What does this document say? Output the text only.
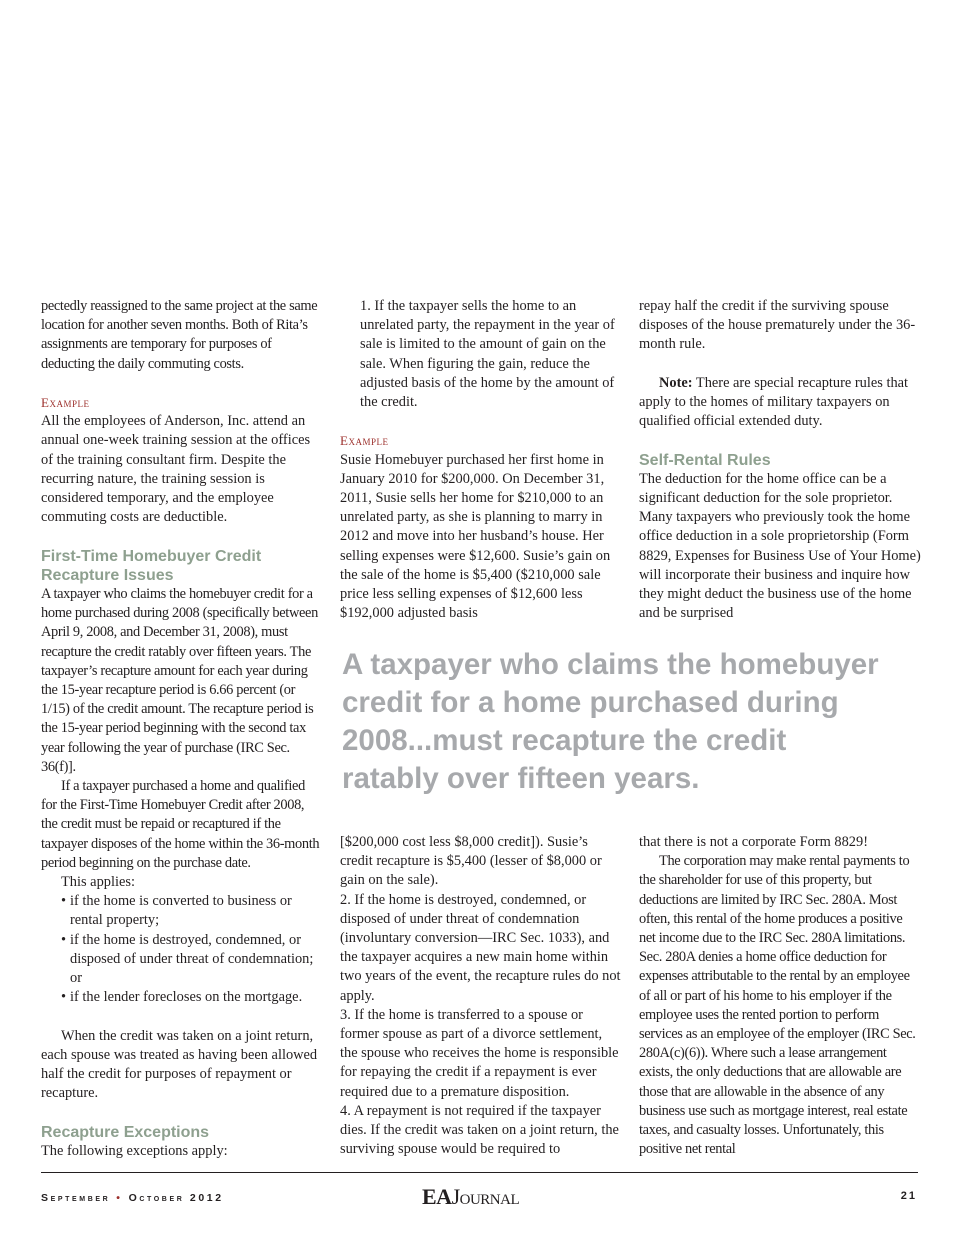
pectedly reassigned to the same project at the same location for another seven months. Both of Rita’s assignments are temporary for purposes of deducting the daily commuting costs.

Example

All the employees of Anderson, Inc. attend an annual one-week training session at the offices of the training consultant firm. Despite the recurring nature, the training session is considered temporary, and the employee commuting costs are deductible.

First-Time Homebuyer Credit Recapture Issues

A taxpayer who claims the homebuyer credit for a home purchased during 2008 (specifically between April 9, 2008, and December 31, 2008), must recapture the credit ratably over fifteen years. The taxpayer’s recapture amount for each year during the 15-year recapture period is 6.66 percent (or 1/15) of the credit amount. The recapture period is the 15-year period beginning with the second tax year following the year of purchase (IRC Sec. 36(f)].

If a taxpayer purchased a home and qualified for the First-Time Homebuyer Credit after 2008, the credit must be repaid or recaptured if the taxpayer disposes of the home within the 36-month period beginning on the purchase date.

This applies:

• if the home is converted to business or rental property;
• if the home is destroyed, condemned, or disposed of under threat of condemnation; or
• if the lender forecloses on the mortgage.

When the credit was taken on a joint return, each spouse was treated as having been allowed half the credit for purposes of repayment or recapture.

Recapture Exceptions

The following exceptions apply:

1. If the taxpayer sells the home to an unrelated party, the repayment in the year of sale is limited to the amount of gain on the sale. When figuring the gain, reduce the adjusted basis of the home by the amount of the credit.

Example

Susie Homebuyer purchased her first home in January 2010 for $200,000. On December 31, 2011, Susie sells her home for $210,000 to an unrelated party, as she is planning to marry in 2012 and move into her husband’s house. Her selling expenses were $12,600. Susie’s gain on the sale of the home is $5,400 ($210,000 sale price less selling expenses of $12,600 less $192,000 adjusted basis

repay half the credit if the surviving spouse disposes of the house prematurely under the 36-month rule.

Note: There are special recapture rules that apply to the homes of military taxpayers on qualified official extended duty.

Self-Rental Rules

The deduction for the home office can be a significant deduction for the sole proprietor. Many taxpayers who previously took the home office deduction in a sole proprietorship (Form 8829, Expenses for Business Use of Your Home) will incorporate their business and inquire how they might deduct the business use of the home and be surprised

A taxpayer who claims the homebuyer
credit for a home purchased during
2008...must recapture the credit
ratably over fifteen years.

[$200,000 cost less $8,000 credit]). Susie’s credit recapture is $5,400 (lesser of $8,000 or gain on the sale).

2. If the home is destroyed, condemned, or disposed of under threat of condemnation (involuntary conversion—IRC Sec. 1033), and the taxpayer acquires a new main home within two years of the event, the recapture rules do not apply.

3. If the home is transferred to a spouse or former spouse as part of a divorce settlement, the spouse who receives the home is responsible for repaying the credit if a repayment is ever required due to a premature disposition.

4. A repayment is not required if the taxpayer dies. If the credit was taken on a joint return, the surviving spouse would be required to

that there is not a corporate Form 8829!

The corporation may make rental payments to the shareholder for use of this property, but deductions are limited by IRC Sec. 280A. Most often, this rental of the home produces a positive net income due to the IRC Sec. 280A limitations. Sec. 280A denies a home office deduction for expenses attributable to the rental by an employee of all or part of his home to his employer if the employee uses the rented portion to perform services as an employee of the employer (IRC Sec. 280A(c)(6)). Where such a lease arrangement exists, the only deductions that are allowable are those that are allowable in the absence of any business use such as mortgage interest, real estate taxes, and casualty losses. Unfortunately, this positive net rental

September • October 2012	EAJournal	21
